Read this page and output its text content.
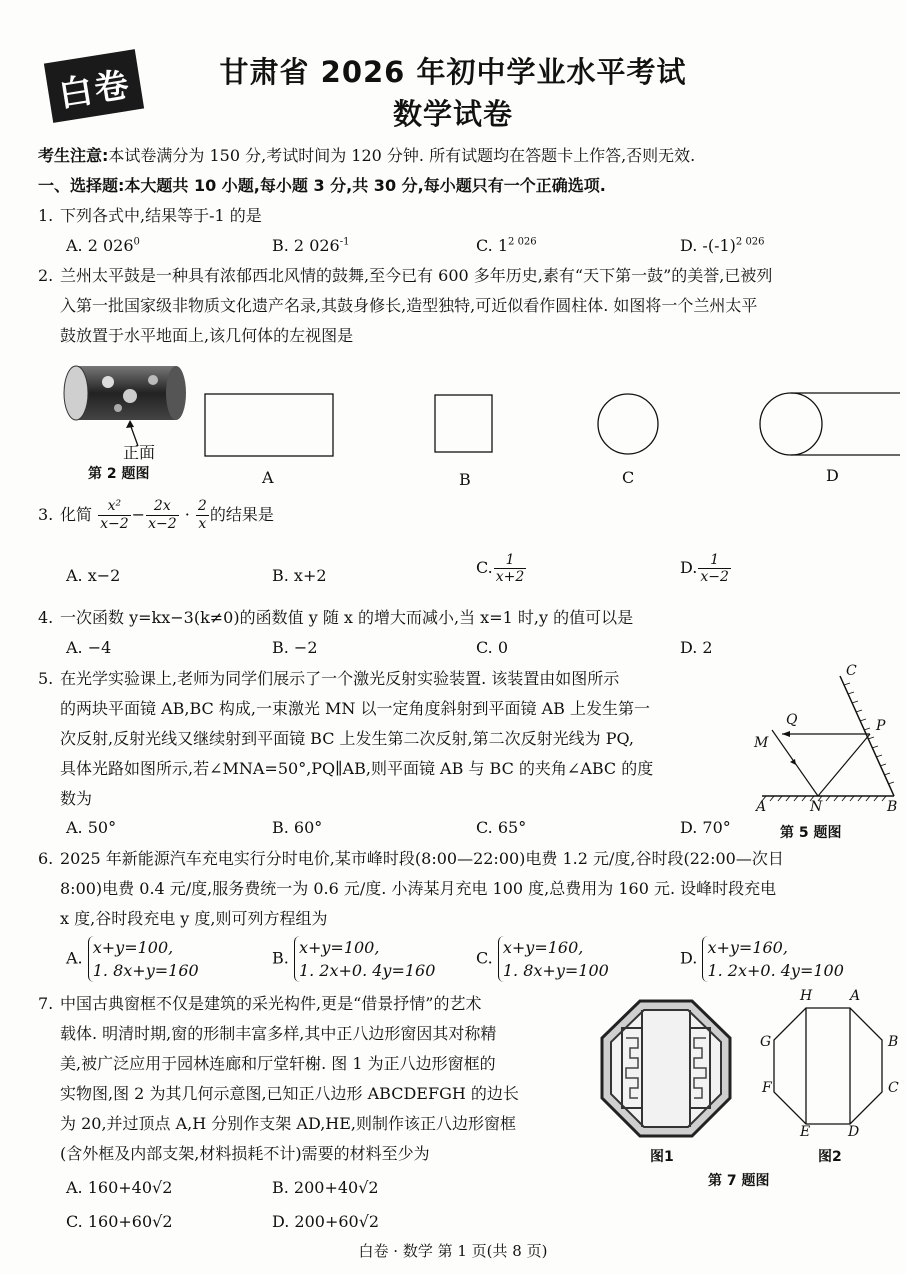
白卷	甘肃省 2026 年初中学业水平考试
数学试卷
考生注意:本试卷满分为 150 分,考试时间为 120 分钟. 所有试题均在答题卡上作答,否则无效.
一、选择题:本大题共 10 小题,每小题 3 分,共 30 分,每小题只有一个正确选项.
1. 下列各式中,结果等于-1 的是
A. 2 $026^0$	B. 2 $026^{-1}$	C. $1^{2 026}$	D. $-(-1)^{2 026}$
2. 兰州太平鼓是一种具有浓郁西北风情的鼓舞,至今已有 600 多年历史,素有“天下第一鼓”的美誉,已被列
入第一批国家级非物质文化遗产名录,其鼓身修长,造型独特,可近似看作圆柱体. 如图将一个兰州太平
鼓放置于水平地面上,该几何体的左视图是
正面
第 2 题图	A	B	C	D
3. 化简 $\frac{\text{x²}}{x-2} - \frac{2x}{x-2} \cdot \frac{2}{x}$ 的结果是
A. x−2	B. x+2	C. $\frac{1}{x+2}$	D. $\frac{1}{x-2}$
4. 一次函数 y=kx−3(k≠0)的函数值 y 随 x 的增大而减小,当 x=1 时,y 的值可以是
A. −4	B. −2	C. 0	D. 2
5. 在光学实验课上,老师为同学们展示了一个激光反射实验装置. 该装置由如图所示
的两块平面镜 AB,BC 构成,一束激光 MN 以一定角度斜射到平面镜 AB 上发生第一
次反射,反射光线又继续射到平面镜 BC 上发生第二次反射,第二次反射光线为 PQ,
具体光路如图所示,若∠MNA=50°,PQ∥AB,则平面镜 AB 与 BC 的夹角∠ABC 的度
数为
A. 50°	B. 60°	C. 65°	D. 70°
C
P
Q
M
A	N	B
第 5 题图
6. 2025 年新能源汽车充电实行分时电价,某市峰时段(8:00—22:00)电费 1.2 元/度,谷时段(22:00—次日
8:00)电费 0.4 元/度,服务费统一为 0.6 元/度. 小涛某月充电 100 度,总费用为 160 元. 设峰时段充电
x 度,谷时段充电 y 度,则可列方程组为
A. x+y=100,
1. 8x+y=160
B. x+y=100,
1. 2x+0. 4y=160
C. x+y=160,
1. 8x+y=100
D. x+y=160,
1. 2x+0. 4y=100
7. 中国古典窗框不仅是建筑的采光构件,更是“借景抒情”的艺术
载体. 明清时期,窗的形制丰富多样,其中正八边形窗因其对称精
美,被广泛应用于园林连廊和厅堂轩榭. 图 1 为正八边形窗框的
实物图,图 2 为其几何示意图,已知正八边形 ABCDEFGH 的边长
为 20,并过顶点 A,H 分别作支架 AD,HE,则制作该正八边形窗框
(含外框及内部支架,材料损耗不计)需要的材料至少为
A. 160+40√2	B. 200+40√2
C. 160+60√2	D. 200+60√2
图1
H	A
G	B
F	C
E	D
图2
第 7 题图
白卷 · 数学 第 1 页(共 8 页)
